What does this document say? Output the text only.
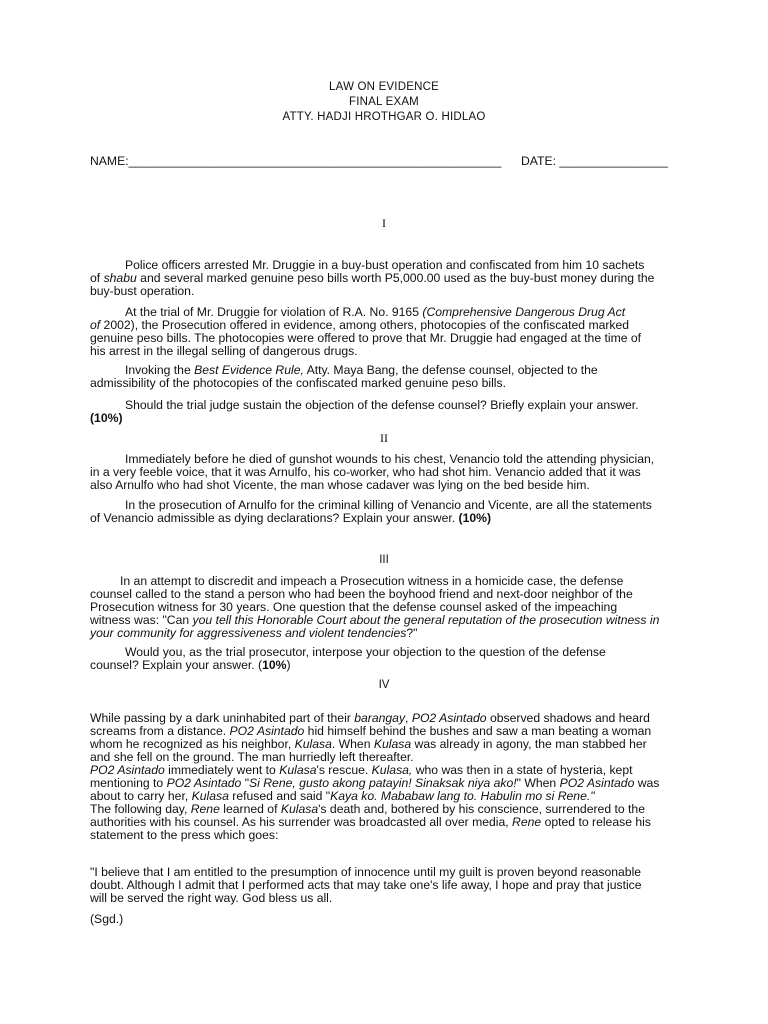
LAW ON EVIDENCE
FINAL EXAM
ATTY. HADJI HROTHGAR O. HIDLAO
NAME:_______________________________________________________ DATE: ________________
I
Police officers arrested Mr. Druggie in a buy-bust operation and confiscated from him 10 sachets
of shabu and several marked genuine peso bills worth P5,000.00 used as the buy-bust money during the
buy-bust operation.
At the trial of Mr. Druggie for violation of R.A. No. 9165 (Comprehensive Dangerous Drug Act
of 2002), the Prosecution offered in evidence, among others, photocopies of the confiscated marked
genuine peso bills. The photocopies were offered to prove that Mr. Druggie had engaged at the time of
his arrest in the illegal selling of dangerous drugs.
Invoking the Best Evidence Rule, Atty. Maya Bang, the defense counsel, objected to the
admissibility of the photocopies of the confiscated marked genuine peso bills.
Should the trial judge sustain the objection of the defense counsel? Briefly explain your answer.
(10%)
II
Immediately before he died of gunshot wounds to his chest, Venancio told the attending physician,
in a very feeble voice, that it was Arnulfo, his co-worker, who had shot him. Venancio added that it was
also Arnulfo who had shot Vicente, the man whose cadaver was lying on the bed beside him.
In the prosecution of Arnulfo for the criminal killing of Venancio and Vicente, are all the statements
of Venancio admissible as dying declarations? Explain your answer. (10%)
III
In an attempt to discredit and impeach a Prosecution witness in a homicide case, the defense
counsel called to the stand a person who had been the boyhood friend and next-door neighbor of the
Prosecution witness for 30 years. One question that the defense counsel asked of the impeaching
witness was: "Can you tell this Honorable Court about the general reputation of the prosecution witness in
your community for aggressiveness and violent tendencies?"
Would you, as the trial prosecutor, interpose your objection to the question of the defense
counsel? Explain your answer. (10%)
IV
While passing by a dark uninhabited part of their barangay, PO2 Asintado observed shadows and heard
screams from a distance. PO2 Asintado hid himself behind the bushes and saw a man beating a woman
whom he recognized as his neighbor, Kulasa. When Kulasa was already in agony, the man stabbed her
and she fell on the ground. The man hurriedly left thereafter.
PO2 Asintado immediately went to Kulasa's rescue. Kulasa, who was then in a state of hysteria, kept
mentioning to PO2 Asintado "Si Rene, gusto akong patayin! Sinaksak niya ako!" When PO2 Asintado was
about to carry her, Kulasa refused and said "Kaya ko. Mababaw lang to. Habulin mo si Rene."
The following day, Rene learned of Kulasa's death and, bothered by his conscience, surrendered to the
authorities with his counsel. As his surrender was broadcasted all over media, Rene opted to release his
statement to the press which goes:
"I believe that I am entitled to the presumption of innocence until my guilt is proven beyond reasonable
doubt. Although I admit that I performed acts that may take one's life away, I hope and pray that justice
will be served the right way. God bless us all.
(Sgd.)
